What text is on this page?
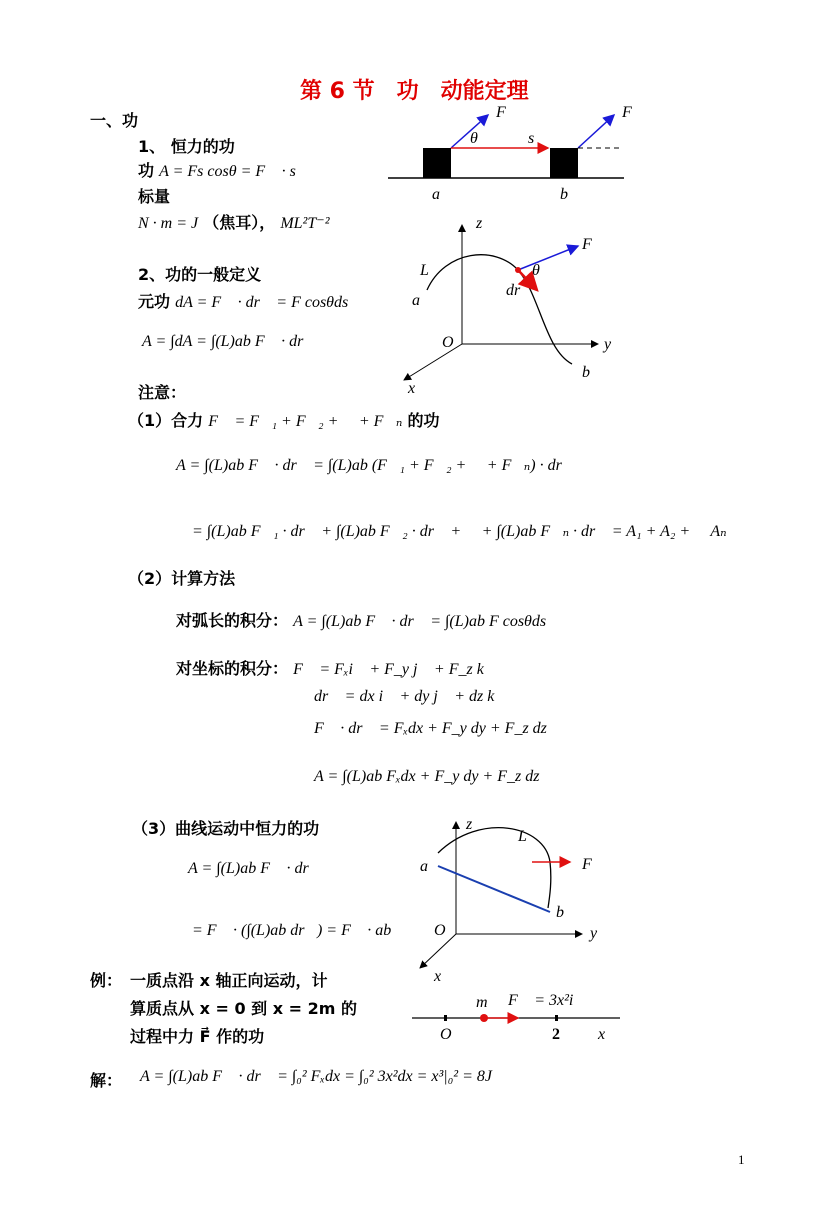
第 6 节　功　动能定理
一、功
1、 恒力的功
功 A = Fs cosθ = F⃗ · s⃗
标量
N · m = J （焦耳）， ML²T⁻²
2、功的一般定义
元功 dA = F⃗ · dr⃗ = F cosθds
A = ∫dA = ∫(L)ab F⃗ · dr⃗
注意：
（1）合力 F⃗ = F⃗₁ + F⃗₂ + ⋯ + F⃗ₙ 的功
A = ∫(L)ab F⃗ · dr⃗ = ∫(L)ab (F⃗₁ + F⃗₂ + ⋯ + F⃗ₙ) · dr⃗
= ∫(L)ab F⃗₁ · dr⃗ + ∫(L)ab F⃗₂ · dr⃗ + ⋯ + ∫(L)ab F⃗ₙ · dr⃗ = A₁ + A₂ + ⋯ Aₙ
（2）计算方法
对弧长的积分： A = ∫(L)ab F⃗ · dr⃗ = ∫(L)ab F cosθds
对坐标的积分： F⃗ = Fₓi⃗ + F_y j⃗ + F_z k⃗
dr⃗ = dx i⃗ + dy j⃗ + dz k⃗
F⃗ · dr⃗ = Fₓdx + F_y dy + F_z dz
A = ∫(L)ab Fₓdx + F_y dy + F_z dz
（3）曲线运动中恒力的功
A = ∫(L)ab F⃗ · dr⃗
= F⃗ · (∫(L)ab dr⃗) = F⃗ · ab⃗ ，
例： 一质点沿 x 轴正向运动，计
算质点从 x = 0 到 x = 2m 的
过程中力 F⃗ 作的功
解： A = ∫(L)ab F⃗ · dr⃗ = ∫₀² Fₓdx = ∫₀² 3x²dx = x³|₀² = 8J
F⃗	F⃗
θ	s⃗
a	b
z
F⃗
L	θ
a
dr⃗
O	y
b
x
z
L
a	F⃗
b
O	y
x
m F⃗ = 3x²i⃗
O	2 x
1
